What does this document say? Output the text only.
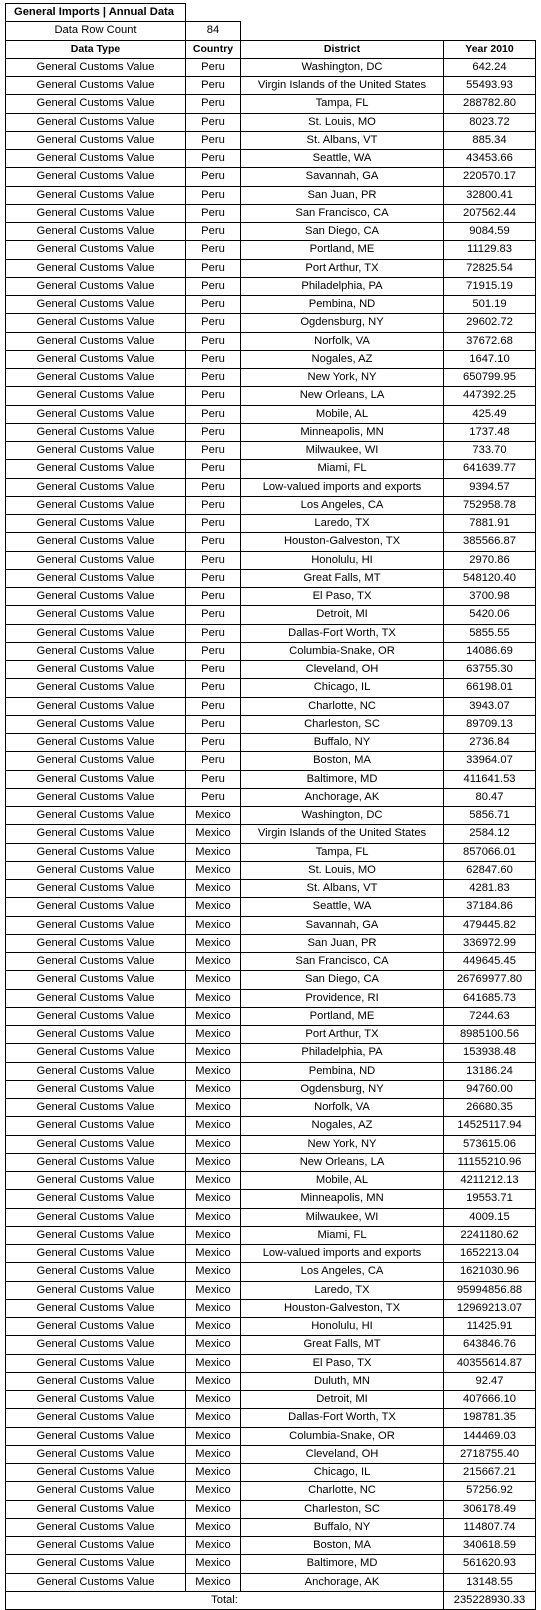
General Imports | Annual Data			
Data Row Count	84		
Data Type	Country	District	Year 2010
General Customs Value	Peru	Washington, DC	642.24
General Customs Value	Peru	Virgin Islands of the United States	55493.93
General Customs Value	Peru	Tampa, FL	288782.80
General Customs Value	Peru	St. Louis, MO	8023.72
General Customs Value	Peru	St. Albans, VT	885.34
General Customs Value	Peru	Seattle, WA	43453.66
General Customs Value	Peru	Savannah, GA	220570.17
General Customs Value	Peru	San Juan, PR	32800.41
General Customs Value	Peru	San Francisco, CA	207562.44
General Customs Value	Peru	San Diego, CA	9084.59
General Customs Value	Peru	Portland, ME	11129.83
General Customs Value	Peru	Port Arthur, TX	72825.54
General Customs Value	Peru	Philadelphia, PA	71915.19
General Customs Value	Peru	Pembina, ND	501.19
General Customs Value	Peru	Ogdensburg, NY	29602.72
General Customs Value	Peru	Norfolk, VA	37672.68
General Customs Value	Peru	Nogales, AZ	1647.10
General Customs Value	Peru	New York, NY	650799.95
General Customs Value	Peru	New Orleans, LA	447392.25
General Customs Value	Peru	Mobile, AL	425.49
General Customs Value	Peru	Minneapolis, MN	1737.48
General Customs Value	Peru	Milwaukee, WI	733.70
General Customs Value	Peru	Miami, FL	641639.77
General Customs Value	Peru	Low-valued imports and exports	9394.57
General Customs Value	Peru	Los Angeles, CA	752958.78
General Customs Value	Peru	Laredo, TX	7881.91
General Customs Value	Peru	Houston-Galveston, TX	385566.87
General Customs Value	Peru	Honolulu, HI	2970.86
General Customs Value	Peru	Great Falls, MT	548120.40
General Customs Value	Peru	El Paso, TX	3700.98
General Customs Value	Peru	Detroit, MI	5420.06
General Customs Value	Peru	Dallas-Fort Worth, TX	5855.55
General Customs Value	Peru	Columbia-Snake, OR	14086.69
General Customs Value	Peru	Cleveland, OH	63755.30
General Customs Value	Peru	Chicago, IL	66198.01
General Customs Value	Peru	Charlotte, NC	3943.07
General Customs Value	Peru	Charleston, SC	89709.13
General Customs Value	Peru	Buffalo, NY	2736.84
General Customs Value	Peru	Boston, MA	33964.07
General Customs Value	Peru	Baltimore, MD	411641.53
General Customs Value	Peru	Anchorage, AK	80.47
General Customs Value	Mexico	Washington, DC	5856.71
General Customs Value	Mexico	Virgin Islands of the United States	2584.12
General Customs Value	Mexico	Tampa, FL	857066.01
General Customs Value	Mexico	St. Louis, MO	62847.60
General Customs Value	Mexico	St. Albans, VT	4281.83
General Customs Value	Mexico	Seattle, WA	37184.86
General Customs Value	Mexico	Savannah, GA	479445.82
General Customs Value	Mexico	San Juan, PR	336972.99
General Customs Value	Mexico	San Francisco, CA	449645.45
General Customs Value	Mexico	San Diego, CA	26769977.80
General Customs Value	Mexico	Providence, RI	641685.73
General Customs Value	Mexico	Portland, ME	7244.63
General Customs Value	Mexico	Port Arthur, TX	8985100.56
General Customs Value	Mexico	Philadelphia, PA	153938.48
General Customs Value	Mexico	Pembina, ND	13186.24
General Customs Value	Mexico	Ogdensburg, NY	94760.00
General Customs Value	Mexico	Norfolk, VA	26680.35
General Customs Value	Mexico	Nogales, AZ	14525117.94
General Customs Value	Mexico	New York, NY	573615.06
General Customs Value	Mexico	New Orleans, LA	11155210.96
General Customs Value	Mexico	Mobile, AL	4211212.13
General Customs Value	Mexico	Minneapolis, MN	19553.71
General Customs Value	Mexico	Milwaukee, WI	4009.15
General Customs Value	Mexico	Miami, FL	2241180.62
General Customs Value	Mexico	Low-valued imports and exports	1652213.04
General Customs Value	Mexico	Los Angeles, CA	1621030.96
General Customs Value	Mexico	Laredo, TX	95994856.88
General Customs Value	Mexico	Houston-Galveston, TX	12969213.07
General Customs Value	Mexico	Honolulu, HI	11425.91
General Customs Value	Mexico	Great Falls, MT	643846.76
General Customs Value	Mexico	El Paso, TX	40355614.87
General Customs Value	Mexico	Duluth, MN	92.47
General Customs Value	Mexico	Detroit, MI	407666.10
General Customs Value	Mexico	Dallas-Fort Worth, TX	198781.35
General Customs Value	Mexico	Columbia-Snake, OR	144469.03
General Customs Value	Mexico	Cleveland, OH	2718755.40
General Customs Value	Mexico	Chicago, IL	215667.21
General Customs Value	Mexico	Charlotte, NC	57256.92
General Customs Value	Mexico	Charleston, SC	306178.49
General Customs Value	Mexico	Buffalo, NY	114807.74
General Customs Value	Mexico	Boston, MA	340618.59
General Customs Value	Mexico	Baltimore, MD	561620.93
General Customs Value	Mexico	Anchorage, AK	13148.55
Total:			235228930.33
